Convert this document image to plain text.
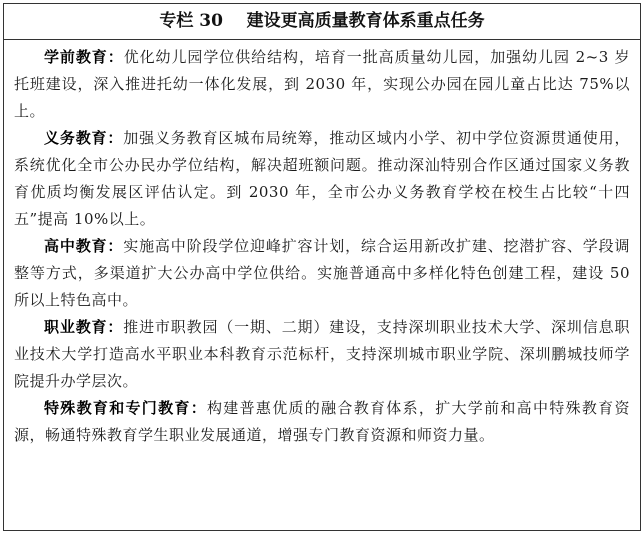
专栏 30 建设更高质量教育体系重点任务

学前教育：优化幼儿园学位供给结构，培育一批高质量幼儿园，加强幼儿园 2~3 岁托班建设，深入推进托幼一体化发展，到 2030 年，实现公办园在园儿童占比达 75%以上。

义务教育：加强义务教育区城布局统筹，推动区域内小学、初中学位资源贯通使用，系统优化全市公办民办学位结构，解决超班额问题。推动深汕特别合作区通过国家义务教育优质均衡发展区评估认定。到 2030 年，全市公办义务教育学校在校生占比较“十四五”提高 10%以上。

高中教育：实施高中阶段学位迎峰扩容计划，综合运用新改扩建、挖潜扩容、学段调整等方式，多渠道扩大公办高中学位供给。实施普通高中多样化特色创建工程，建设 50 所以上特色高中。

职业教育：推进市职教园（一期、二期）建设，支持深圳职业技术大学、深圳信息职业技术大学打造高水平职业本科教育示范标杆，支持深圳城市职业学院、深圳鹏城技师学院提升办学层次。

特殊教育和专门教育：构建普惠优质的融合教育体系，扩大学前和高中特殊教育资源，畅通特殊教育学生职业发展通道，增强专门教育资源和师资力量。
